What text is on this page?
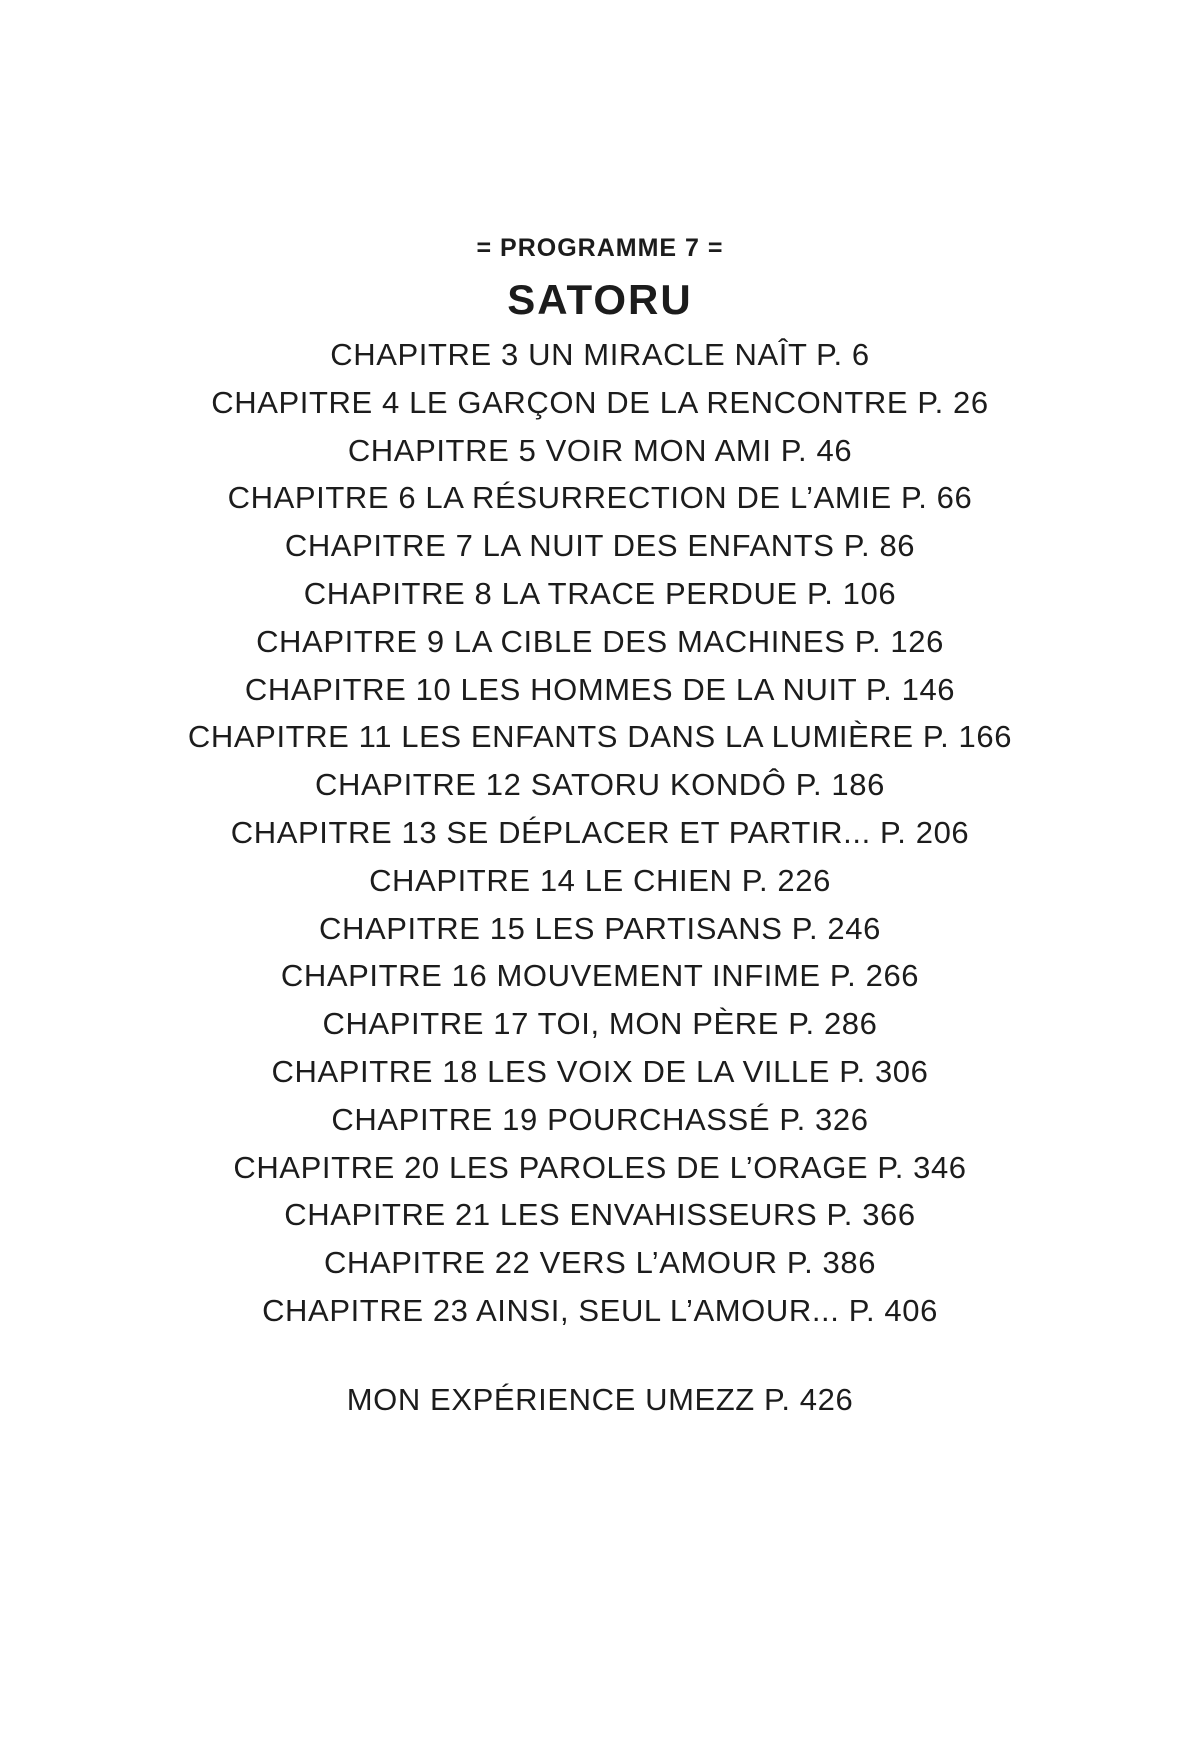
= PROGRAMME 7 =
SATORU
CHAPITRE 3 UN MIRACLE NAÎT P. 6
CHAPITRE 4 LE GARÇON DE LA RENCONTRE P. 26
CHAPITRE 5 VOIR MON AMI P. 46
CHAPITRE 6 LA RÉSURRECTION DE L’AMIE P. 66
CHAPITRE 7 LA NUIT DES ENFANTS P. 86
CHAPITRE 8 LA TRACE PERDUE P. 106
CHAPITRE 9 LA CIBLE DES MACHINES P. 126
CHAPITRE 10 LES HOMMES DE LA NUIT P. 146
CHAPITRE 11 LES ENFANTS DANS LA LUMIÈRE P. 166
CHAPITRE 12 SATORU KONDÔ P. 186
CHAPITRE 13 SE DÉPLACER ET PARTIR... P. 206
CHAPITRE 14 LE CHIEN P. 226
CHAPITRE 15 LES PARTISANS P. 246
CHAPITRE 16 MOUVEMENT INFIME P. 266
CHAPITRE 17 TOI, MON PÈRE P. 286
CHAPITRE 18 LES VOIX DE LA VILLE P. 306
CHAPITRE 19 POURCHASSÉ P. 326
CHAPITRE 20 LES PAROLES DE L’ORAGE P. 346
CHAPITRE 21 LES ENVAHISSEURS P. 366
CHAPITRE 22 VERS L’AMOUR P. 386
CHAPITRE 23 AINSI, SEUL L’AMOUR... P. 406
MON EXPÉRIENCE UMEZZ P. 426
